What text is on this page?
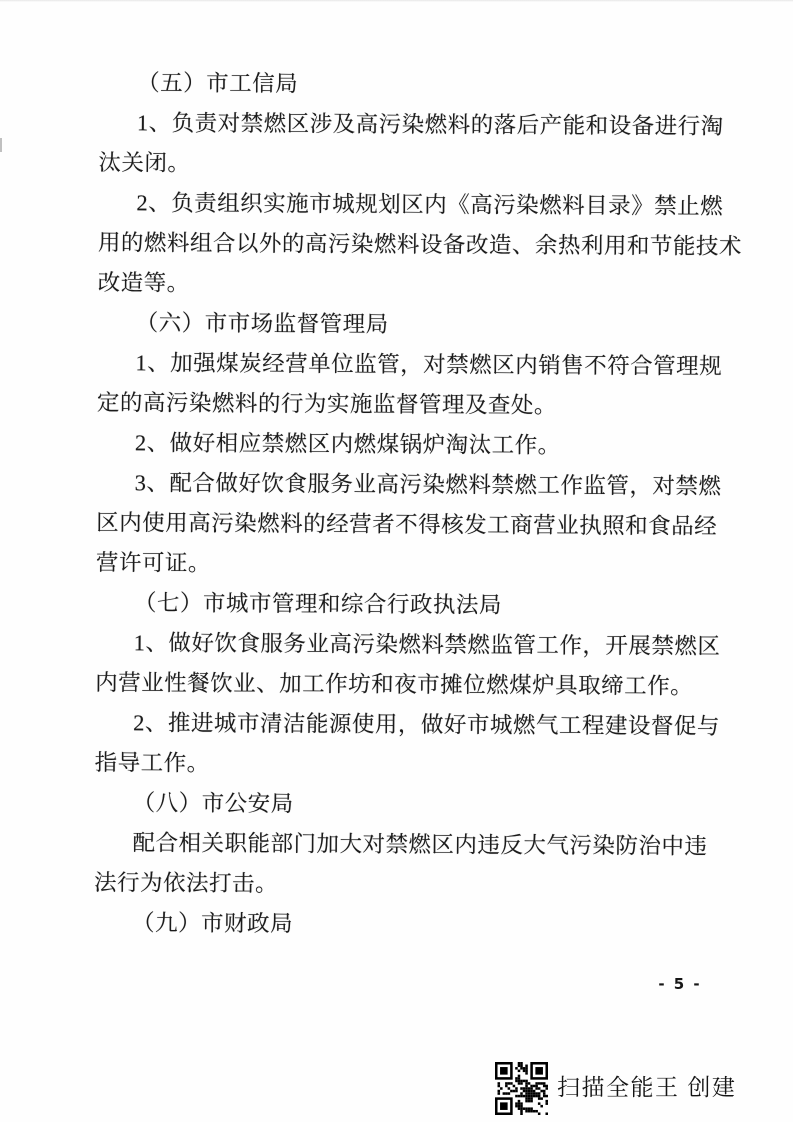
（五）市工信局
1、负责对禁燃区涉及高污染燃料的落后产能和设备进行淘
汰关闭。
2、负责组织实施市城规划区内《高污染燃料目录》禁止燃
用的燃料组合以外的高污染燃料设备改造、余热利用和节能技术
改造等。
（六）市市场监督管理局
1、加强煤炭经营单位监管，对禁燃区内销售不符合管理规
定的高污染燃料的行为实施监督管理及查处。
2、做好相应禁燃区内燃煤锅炉淘汰工作。
3、配合做好饮食服务业高污染燃料禁燃工作监管，对禁燃
区内使用高污染燃料的经营者不得核发工商营业执照和食品经
营许可证。
（七）市城市管理和综合行政执法局
1、做好饮食服务业高污染燃料禁燃监管工作，开展禁燃区
内营业性餐饮业、加工作坊和夜市摊位燃煤炉具取缔工作。
2、推进城市清洁能源使用，做好市城燃气工程建设督促与
指导工作。
（八）市公安局
配合相关职能部门加大对禁燃区内违反大气污染防治中违
法行为依法打击。
（九）市财政局
- 5 -
扫描全能王 创建
